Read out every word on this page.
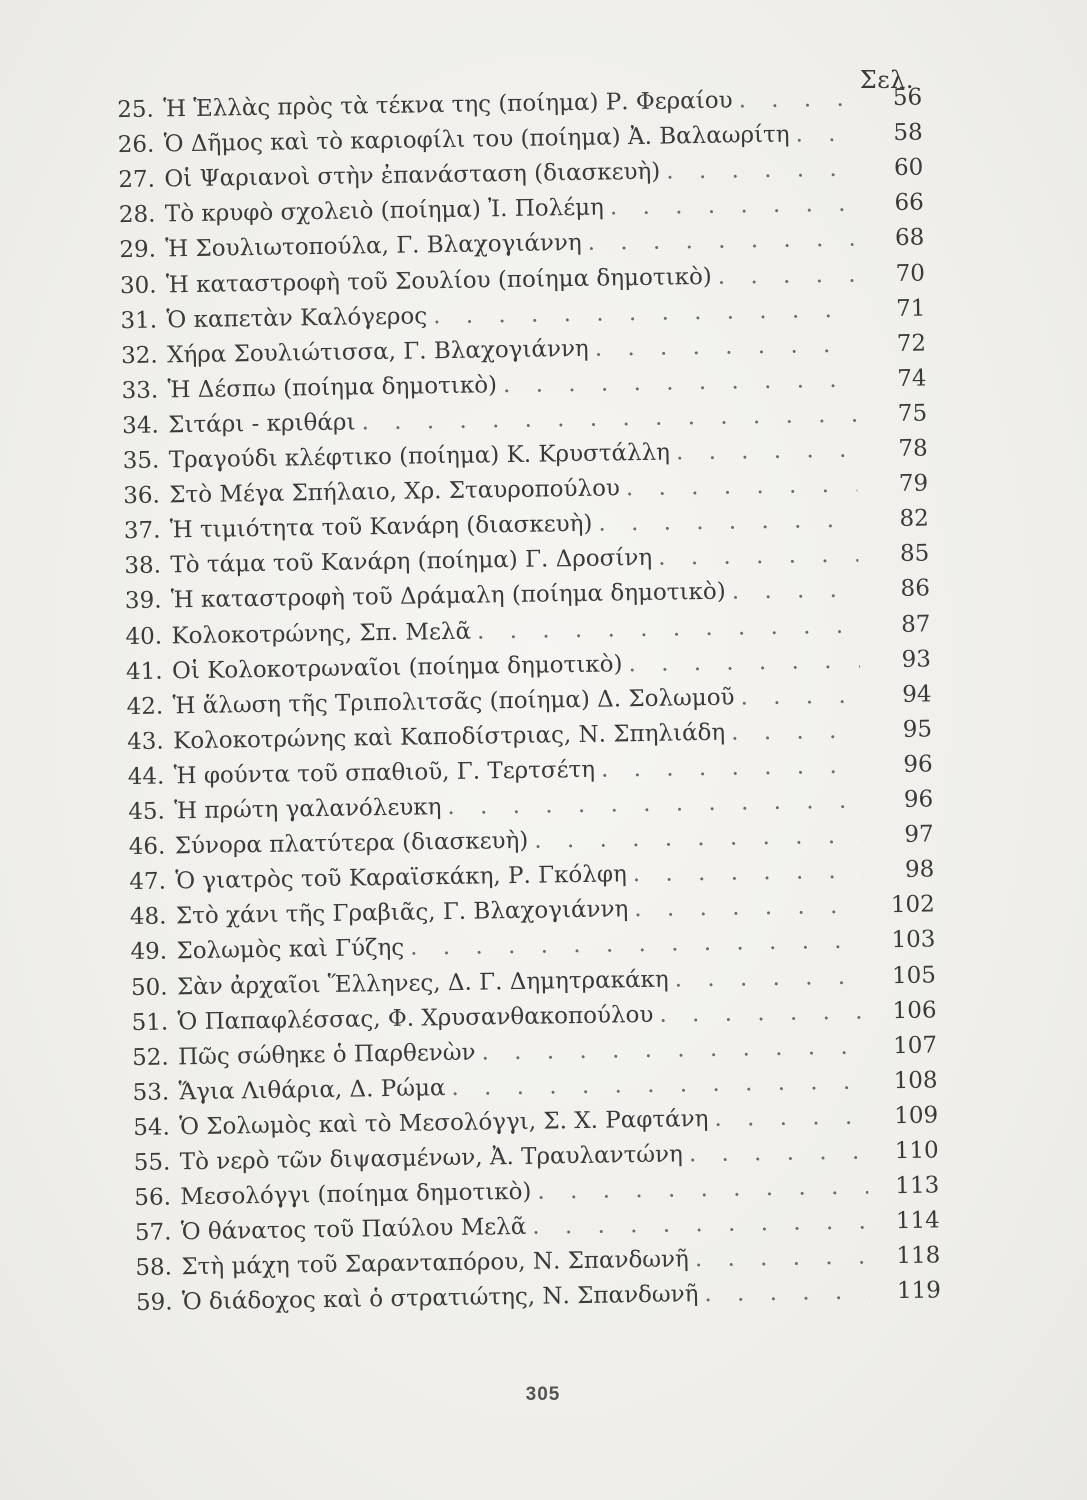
Σελ.
25. Ἡ Ἑλλὰς πρὸς τὰ τέκνα της (ποίημα) Ρ. Φεραίου . . .	56
26. Ὁ Δῆμος καὶ τὸ καριοφίλι του (ποίημα) Ἀ. Βαλαωρίτη . . .	58
27. Οἱ Ψαριανοὶ στὴν ἐπανάσταση (διασκευὴ) . . .	60
28. Τὸ κρυφὸ σχολειὸ (ποίημα) Ἰ. Πολέμη . . .	66
29. Ἡ Σουλιωτοπούλα, Γ. Βλαχογιάννη . . .	68
30. Ἡ καταστροφὴ τοῦ Σουλίου (ποίημα δημοτικὸ) . . .	70
31. Ὁ καπετὰν Καλόγερος . . .	71
32. Χήρα Σουλιώτισσα, Γ. Βλαχογιάννη . . .	72
33. Ἡ Δέσπω (ποίημα δημοτικὸ) . . .	74
34. Σιτάρι - κριθάρι . . .	75
35. Τραγούδι κλέφτικο (ποίημα) Κ. Κρυστάλλη . . .	78
36. Στὸ Μέγα Σπήλαιο, Χρ. Σταυροπούλου . . .	79
37. Ἡ τιμιότητα τοῦ Κανάρη (διασκευὴ) . . .	82
38. Τὸ τάμα τοῦ Κανάρη (ποίημα) Γ. Δροσίνη . . .	85
39. Ἡ καταστροφὴ τοῦ Δράμαλη (ποίημα δημοτικὸ) . . .	86
40. Κολοκοτρώνης, Σπ. Μελᾶ . . .	87
41. Οἱ Κολοκοτρωναῖοι (ποίημα δημοτικὸ) . . .	93
42. Ἡ ἅλωση τῆς Τριπολιτσᾶς (ποίημα) Δ. Σολωμοῦ . . .	94
43. Κολοκοτρώνης καὶ Καποδίστριας, Ν. Σπηλιάδη . . .	95
44. Ἡ φούντα τοῦ σπαθιοῦ, Γ. Τερτσέτη . . .	96
45. Ἡ πρώτη γαλανόλευκη . . .	96
46. Σύνορα πλατύτερα (διασκευὴ) . . .	97
47. Ὁ γιατρὸς τοῦ Καραϊσκάκη, Ρ. Γκόλφη . . .	98
48. Στὸ χάνι τῆς Γραβιᾶς, Γ. Βλαχογιάννη . . .	102
49. Σολωμὸς καὶ Γύζης . . .	103
50. Σὰν ἀρχαῖοι Ἕλληνες, Δ. Γ. Δημητρακάκη . . .	105
51. Ὁ Παπαφλέσσας, Φ. Χρυσανθακοπούλου . . .	106
52. Πῶς σώθηκε ὁ Παρθενὼν . . .	107
53. Ἅγια Λιθάρια, Δ. Ρώμα . . .	108
54. Ὁ Σολωμὸς καὶ τὸ Μεσολόγγι, Σ. Χ. Ραφτάνη . . .	109
55. Τὸ νερὸ τῶν διψασμένων, Ἀ. Τραυλαντώνη . . .	110
56. Μεσολόγγι (ποίημα δημοτικὸ) . . .	113
57. Ὁ θάνατος τοῦ Παύλου Μελᾶ . . .	114
58. Στὴ μάχη τοῦ Σαρανταπόρου, Ν. Σπανδωνῆ . . .	118
59. Ὁ διάδοχος καὶ ὁ στρατιώτης, Ν. Σπανδωνῆ . . .	119
305
